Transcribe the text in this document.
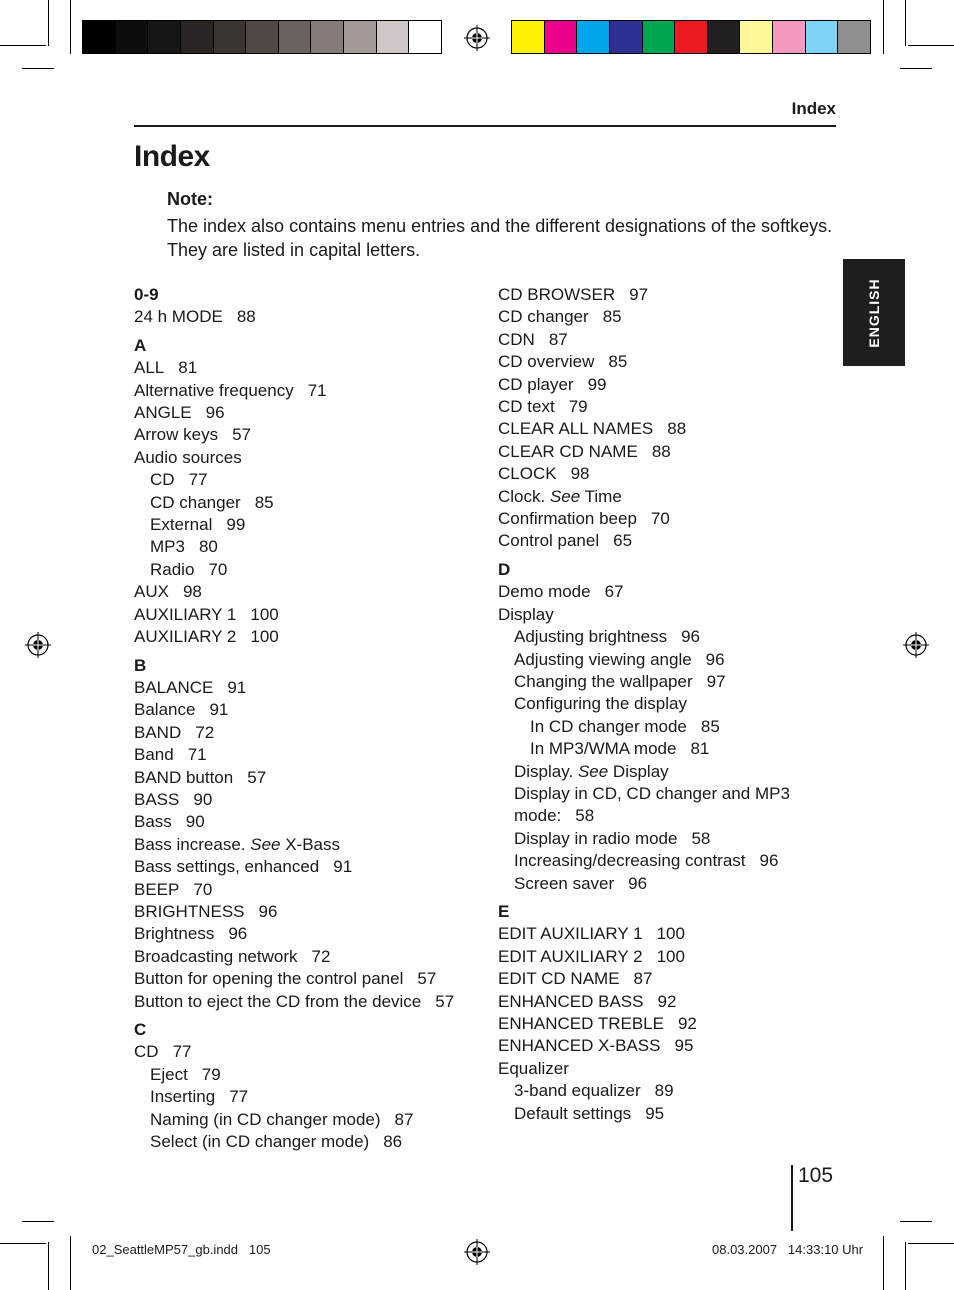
Index
Index
Note:
The index also contains menu entries and the different designations of the softkeys. They are listed in capital letters.
0-9
24 h MODE 88
A
ALL 81
Alternative frequency 71
ANGLE 96
Arrow keys 57
Audio sources
CD 77
CD changer 85
External 99
MP3 80
Radio 70
AUX 98
AUXILIARY 1 100
AUXILIARY 2 100
B
BALANCE 91
Balance 91
BAND 72
Band 71
BAND button 57
BASS 90
Bass 90
Bass increase. See X-Bass
Bass settings, enhanced 91
BEEP 70
BRIGHTNESS 96
Brightness 96
Broadcasting network 72
Button for opening the control panel 57
Button to eject the CD from the device 57
C
CD 77
Eject 79
Inserting 77
Naming (in CD changer mode) 87
Select (in CD changer mode) 86
CD BROWSER 97
CD changer 85
CDN 87
CD overview 85
CD player 99
CD text 79
CLEAR ALL NAMES 88
CLEAR CD NAME 88
CLOCK 98
Clock. See Time
Confirmation beep 70
Control panel 65
D
Demo mode 67
Display
Adjusting brightness 96
Adjusting viewing angle 96
Changing the wallpaper 97
Configuring the display
In CD changer mode 85
In MP3/WMA mode 81
Display. See Display
Display in CD, CD changer and MP3
mode: 58
Display in radio mode 58
Increasing/decreasing contrast 96
Screen saver 96
E
EDIT AUXILIARY 1 100
EDIT AUXILIARY 2 100
EDIT CD NAME 87
ENHANCED BASS 92
ENHANCED TREBLE 92
ENHANCED X-BASS 95
Equalizer
3-band equalizer 89
Default settings 95
ENGLISH
105
02_SeattleMP57_gb.indd 105	08.03.2007 14:33:10 Uhr
